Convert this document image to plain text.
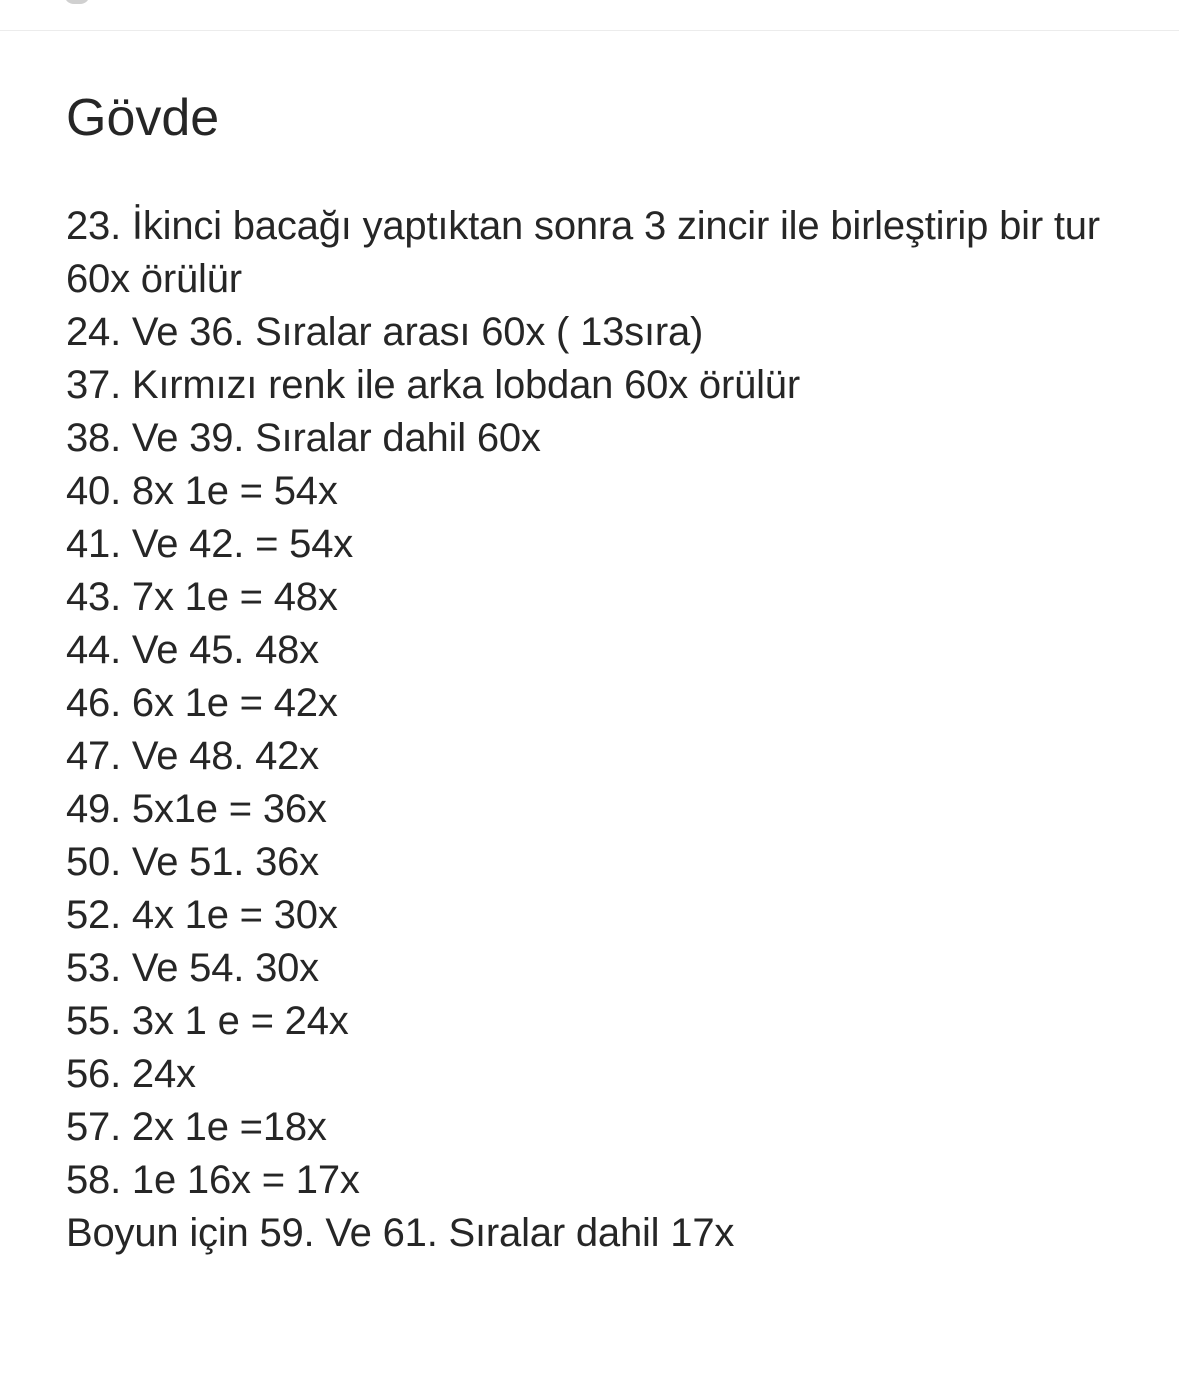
Gövde
23. İkinci bacağı yaptıktan sonra 3 zincir ile birleştirip bir tur 60x örülür
24. Ve 36. Sıralar arası 60x ( 13sıra)
37. Kırmızı renk ile arka lobdan 60x örülür
38. Ve 39. Sıralar dahil 60x
40. 8x 1e = 54x
41. Ve 42. = 54x
43. 7x 1e = 48x
44. Ve 45. 48x
46. 6x 1e = 42x
47. Ve 48. 42x
49. 5x1e = 36x
50. Ve 51. 36x
52. 4x 1e = 30x
53. Ve 54. 30x
55. 3x 1 e = 24x
56. 24x
57. 2x 1e =18x
58. 1e 16x = 17x
Boyun için 59. Ve 61. Sıralar dahil 17x
